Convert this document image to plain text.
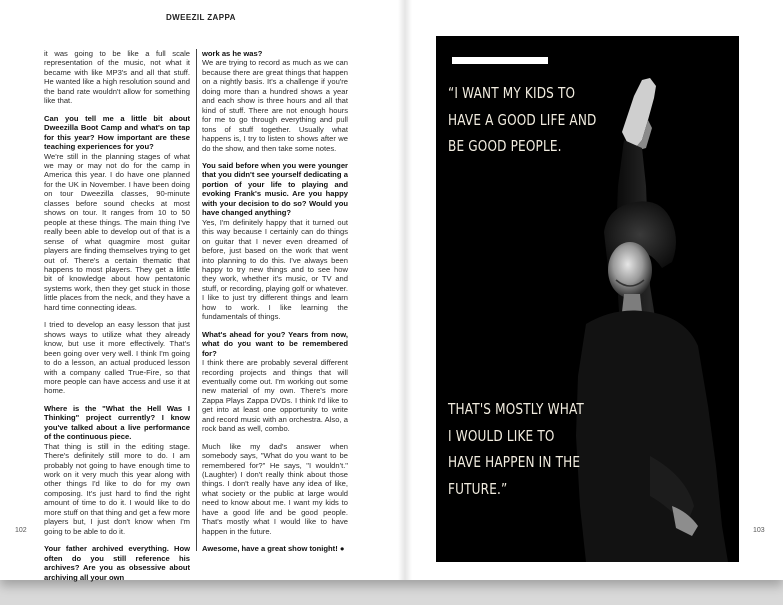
DWEEZIL ZAPPA

it was going to be like a full scale representation of the music, not what it became with like MP3's and all that stuff. He wanted like a high resolution sound and the band rate wouldn't allow for something like that.

Can you tell me a little bit about Dweezilla Boot Camp and what's on tap for this year? How important are these teaching experiences for you?

We're still in the planning stages of what we may or may not do for the camp in America this year. I do have one planned for the UK in November. I have been doing on tour Dweezilla classes, 90-minute classes before sound checks at most shows on tour. It ranges from 10 to 50 people at these things. The main thing I've really been able to develop out of that is a sense of what quagmire most guitar players are finding themselves trying to get out of. There's a certain thematic that happens to most players. They get a little bit of knowledge about how pentatonic systems work, then they get stuck in those little places from the neck, and they have a hard time connecting ideas.

I tried to develop an easy lesson that just shows ways to utilize what they already know, but use it more effectively. That's been going over very well. I think I'm going to do a lesson, an actual produced lesson with a company called True-Fire, so that more people can have access and use it at home.

Where is the "What the Hell Was I Thinking" project currently? I know you've talked about a live performance of the continuous piece.

That thing is still in the editing stage. There's definitely still more to do. I am probably not going to have enough time to work on it very much this year along with other things I'd like to do for my own composing. It's just hard to find the right amount of time to do it. I would like to do more stuff on that thing and get a few more players but, I just don't know when I'm going to be able to do it.

Your father archived everything. How often do you still reference his archives? Are you as obsessive about archiving all your own

work as he was?

We are trying to record as much as we can because there are great things that happen on a nightly basis. It's a challenge if you're doing more than a hundred shows a year and each show is three hours and all that kind of stuff. There are not enough hours for me to go through everything and pull tons of stuff together. Usually what happens is, I try to listen to shows after we do the show, and then take some notes.

You said before when you were younger that you didn't see yourself dedicating a portion of your life to playing and evoking Frank's music. Are you happy with your decision to do so? Would you have changed anything?

Yes, I'm definitely happy that it turned out this way because I certainly can do things on guitar that I never even dreamed of before, just based on the work that went into planning to do this. I've always been happy to try new things and to see how they work, whether it's music, or TV and stuff, or recording, playing golf or whatever. I like to just try different things and learn how to work. I like learning the fundamentals of things.

What's ahead for you? Years from now, what do you want to be remembered for?

I think there are probably several different recording projects and things that will eventually come out. I'm working out some new material of my own. There's more Zappa Plays Zappa DVDs. I think I'd like to get into at least one opportunity to write and record music with an orchestra. Also, a rock band as well, combo.

Much like my dad's answer when somebody says, "What do you want to be remembered for?" He says, "I wouldn't." (Laughter) I don't really think about those things. I don't really have any idea of like, what society or the public at large would need to know about me. I want my kids to have a good life and be good people. That's mostly what I would like to have happen in the future.

Awesome, have a great show tonight! ●

102	103
“I WANT MY KIDS TO
HAVE A GOOD LIFE AND
BE GOOD PEOPLE.
THAT'S MOSTLY WHAT
I WOULD LIKE TO
HAVE HAPPEN IN THE
FUTURE.”
